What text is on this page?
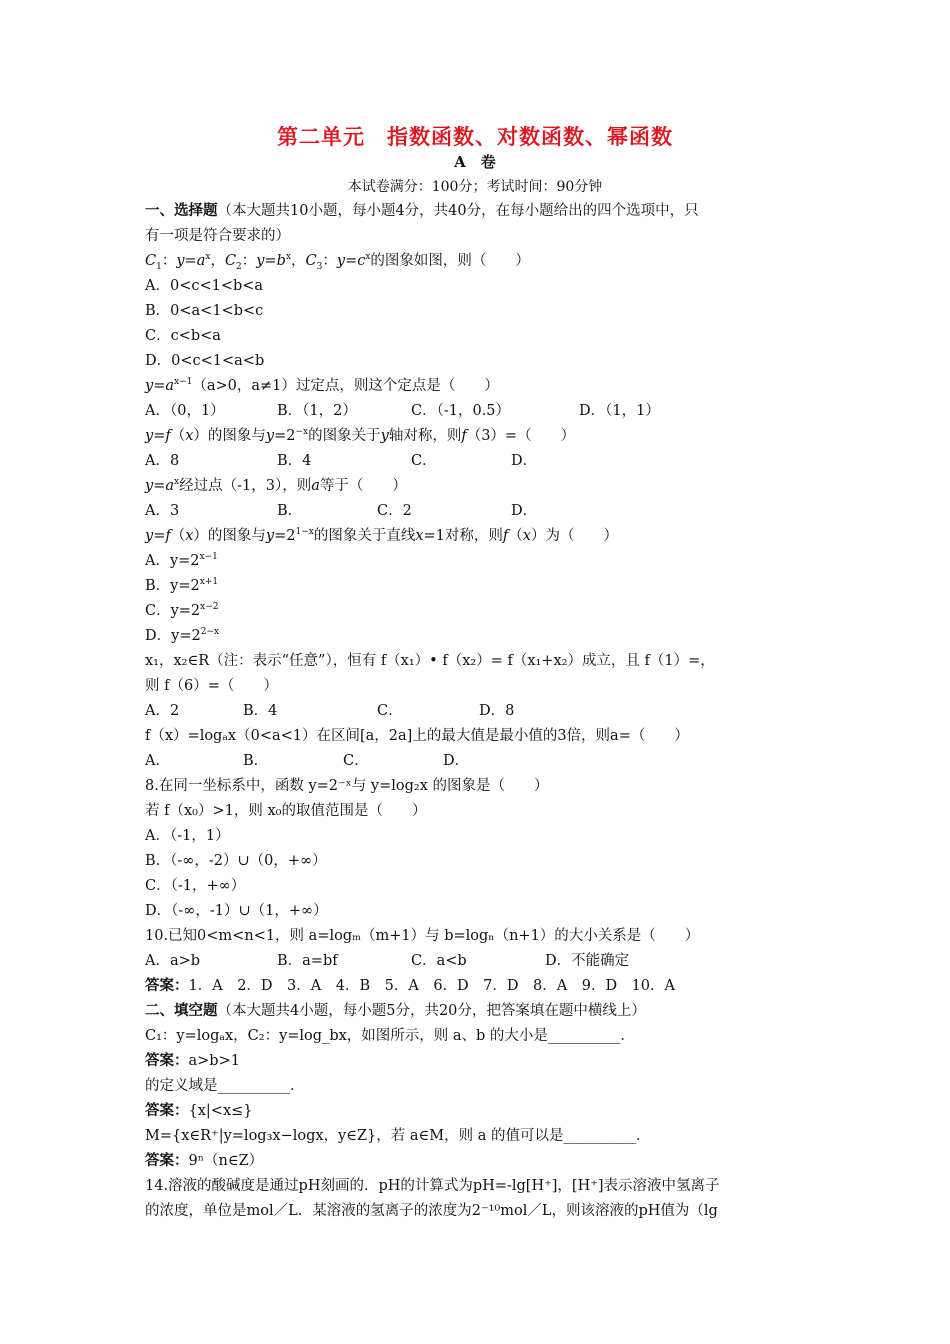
第二单元　指数函数、对数函数、幂函数
A　卷
本试卷满分：100分；考试时间：90分钟
一、选择题（本大题共10小题，每小题4分，共40分，在每小题给出的四个选项中，只
有一项是符合要求的）
$C_1$：$y=a^x$，$C_2$：$y=b^x$，$C_3$：$y=c^x$的图象如图，则（　　）
A．0<c<1<b<a
B．0<a<1<b<c
C．c<b<a
D．0<c<1<a<b
$y=a^{x-1}(a>0$，a≠1）过定点，则这个定点是（　　）
A．（0，1）	B．（1，2）	C．（-1，0.5）	D．（1，1）
y=f（x）的图象与$y=2^{-x}$的图象关于y轴对称，则f（3）=（　　）
A．8	B．4	C．	D．
$y=a^x$经过点（-1，3），则a等于（　　）
A．3	B．	C．2	D．
y=f（x）的图象与$y=2^{1-x}$的图象关于直线x=1对称，则f（x）为（　　）
A．$y=2^{x-1}$
B．$y=2^{x+1}$
C．$y=2^{x-2}$
D．$y=2^{2-x}$
x₁，x₂∈R（注：表示“任意”），恒有 f（x₁）• f（x₂）= f（x₁+x₂）成立，且 f（1）=，
则 f（6）=（　　）
A．2	B．4	C．	D．8
f（x）=logₐx（0<a<1）在区间[a，2a]上的最大值是最小值的3倍，则a=（　　）
A．	B．	C．	D．
8.在同一坐标系中，函数 y=2⁻ˣ与 y=log₂x 的图象是（　　）
若 f（x₀）>1，则 x₀的取值范围是（　　）
A．（-1，1）
B．（-∞，-2）∪（0，+∞）
C．（-1，+∞）
D．（-∞，-1）∪（1，+∞）
10.已知0<m<n<1，则 a=logₘ（m+1）与 b=logₙ（n+1）的大小关系是（　　）
A．a>b	B．a=bf	C．a<b	D．不能确定
答案：1．A　2．D　3．A　4．B　5．A　6．D　7．D　8．A　9．D　10．A
二、填空题（本大题共4小题，每小题5分，共20分，把答案填在题中横线上）
C₁：y=logₐx，C₂：y=log_bx，如图所示，则 a、b 的大小是__________．
答案：a>b>1
的定义域是__________．
答案：{x|<x≤}
M={x∈R⁺|y=log₃x−logx，y∈Z}，若 a∈M，则 a 的值可以是__________．
答案：9ⁿ（n∈Z）
14.溶液的酸碱度是通过pH刻画的．pH的计算式为pH=-lg[H⁺]，[H⁺]表示溶液中氢离子
的浓度，单位是mol／L．某溶液的氢离子的浓度为2⁻¹⁰mol／L，则该溶液的pH值为（lg
